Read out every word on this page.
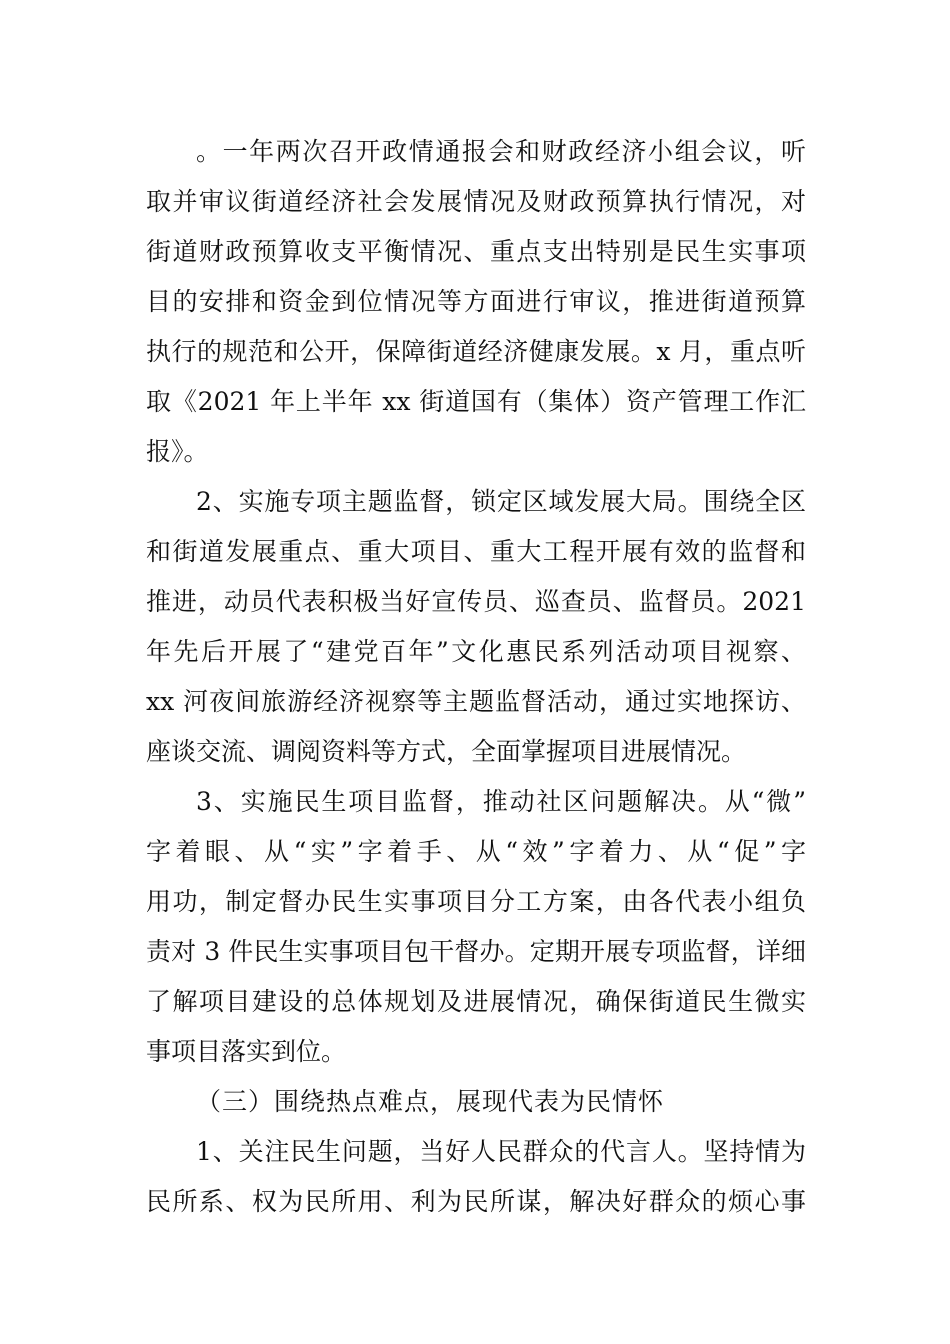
。一年两次召开政情通报会和财政经济小组会议，听
取并审议街道经济社会发展情况及财政预算执行情况，对
街道财政预算收支平衡情况、重点支出特别是民生实事项
目的安排和资金到位情况等方面进行审议，推进街道预算
执行的规范和公开，保障街道经济健康发展。x 月，重点听
取《2021 年上半年 xx 街道国有（集体）资产管理工作汇
报》。
2、实施专项主题监督，锁定区域发展大局。围绕全区
和街道发展重点、重大项目、重大工程开展有效的监督和
推进，动员代表积极当好宣传员、巡查员、监督员。2021
年先后开展了“建党百年”文化惠民系列活动项目视察、
xx 河夜间旅游经济视察等主题监督活动，通过实地探访、
座谈交流、调阅资料等方式，全面掌握项目进展情况。
3、实施民生项目监督，推动社区问题解决。从“微”
字着眼、从“实”字着手、从“效”字着力、从“促”字
用功，制定督办民生实事项目分工方案，由各代表小组负
责对 3 件民生实事项目包干督办。定期开展专项监督，详细
了解项目建设的总体规划及进展情况，确保街道民生微实
事项目落实到位。
（三）围绕热点难点，展现代表为民情怀
1、关注民生问题，当好人民群众的代言人。坚持情为
民所系、权为民所用、利为民所谋，解决好群众的烦心事
